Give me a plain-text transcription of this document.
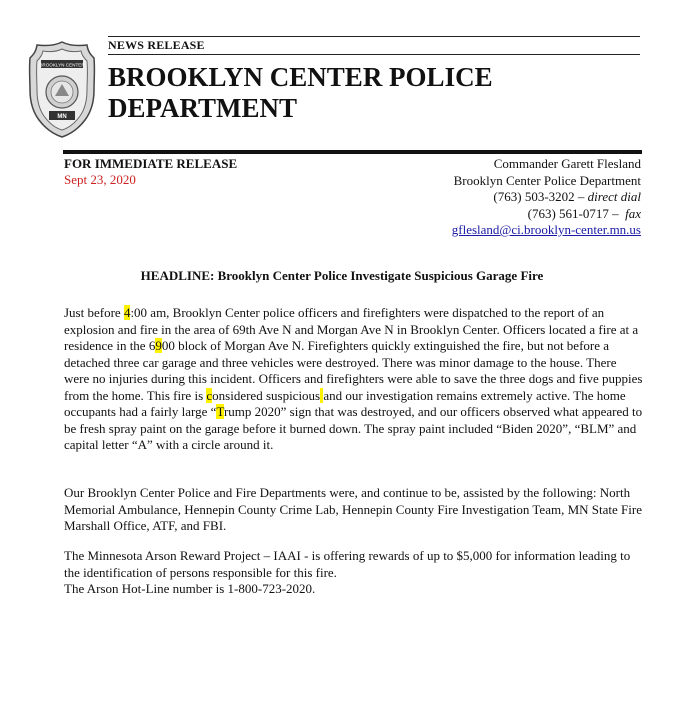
BROOKLYN CENTER
MN
NEWS RELEASE
BROOKLYN CENTER POLICE
DEPARTMENT
FOR IMMEDIATE RELEASE
Sept 23, 2020
Commander Garett Flesland
Brooklyn Center Police Department
(763) 503-3202 – direct dial
(763) 561-0717 – fax
gflesland@ci.brooklyn-center.mn.us
HEADLINE: Brooklyn Center Police Investigate Suspicious Garage Fire

Just before 4:00 am, Brooklyn Center police officers and firefighters were dispatched to the report of an explosion and fire in the area of 69th Ave N and Morgan Ave N in Brooklyn Center. Officers located a fire at a residence in the 6900 block of Morgan Ave N. Firefighters quickly extinguished the fire, but not before a detached three car garage and three vehicles were destroyed. There was minor damage to the house. There were no injuries during this incident. Officers and firefighters were able to save the three dogs and five puppies from the home. This fire is considered suspicious and our investigation remains extremely active. The home occupants had a fairly large “Trump 2020” sign that was destroyed, and our officers observed what appeared to be fresh spray paint on the garage before it burned down. The spray paint included “Biden 2020”, “BLM” and capital letter “A” with a circle around it.

Our Brooklyn Center Police and Fire Departments were, and continue to be, assisted by the following: North Memorial Ambulance, Hennepin County Crime Lab, Hennepin County Fire Investigation Team, MN State Fire Marshall Office, ATF, and FBI.

The Minnesota Arson Reward Project – IAAI - is offering rewards of up to $5,000 for information leading to the identification of persons responsible for this fire.
The Arson Hot-Line number is 1-800-723-2020.
